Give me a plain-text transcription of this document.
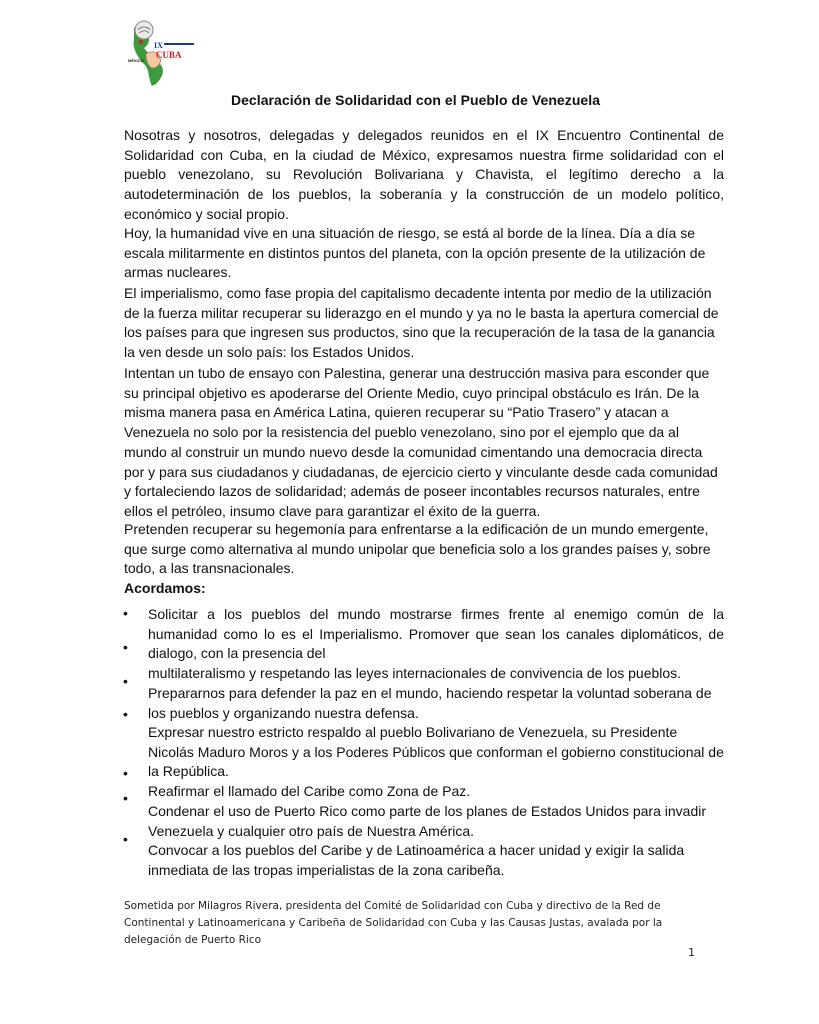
IX
CUBA
MÉXICO
Declaración de Solidaridad con el Pueblo de Venezuela

Nosotras y nosotros, delegadas y delegados reunidos en el IX Encuentro Continental de Solidaridad con Cuba, en la ciudad de México, expresamos nuestra firme solidaridad con el pueblo venezolano, su Revolución Bolivariana y Chavista, el legítimo derecho a la autodeterminación de los pueblos, la soberanía y la construcción de un modelo político, económico y social propio.

Hoy, la humanidad vive en una situación de riesgo, se está al borde de la línea. Día a día se escala militarmente en distintos puntos del planeta, con la opción presente de la utilización de armas nucleares.

El imperialismo, como fase propia del capitalismo decadente intenta por medio de la utilización de la fuerza militar recuperar su liderazgo en el mundo y ya no le basta la apertura comercial de los países para que ingresen sus productos, sino que la recuperación de la tasa de la ganancia la ven desde un solo país: los Estados Unidos.

Intentan un tubo de ensayo con Palestina, generar una destrucción masiva para esconder que su principal objetivo es apoderarse del Oriente Medio, cuyo principal obstáculo es Irán. De la misma manera pasa en América Latina, quieren recuperar su “Patio Trasero” y atacan a Venezuela no solo por la resistencia del pueblo venezolano, sino por el ejemplo que da al mundo al construir un mundo nuevo desde la comunidad cimentando una democracia directa por y para sus ciudadanos y ciudadanas, de ejercicio cierto y vinculante desde cada comunidad y fortaleciendo lazos de solidaridad; además de poseer incontables recursos naturales, entre ellos el petróleo, insumo clave para garantizar el éxito de la guerra.

Pretenden recuperar su hegemonía para enfrentarse a la edificación de un mundo emergente, que surge como alternativa al mundo unipolar que beneficia solo a los grandes países y, sobre todo, a las transnacionales.

Acordamos:
•
•
•
•
•
•
•

Solicitar a los pueblos del mundo mostrarse firmes frente al enemigo común de la humanidad como lo es el Imperialismo. Promover que sean los canales diplomáticos, de dialogo, con la presencia del

multilateralismo y respetando las leyes internacionales de convivencia de los pueblos.

Prepararnos para defender la paz en el mundo, haciendo respetar la voluntad soberana de los pueblos y organizando nuestra defensa.

Expresar nuestro estricto respaldo al pueblo Bolivariano de Venezuela, su Presidente Nicolás Maduro Moros y a los Poderes Públicos que conforman el gobierno constitucional de la República.

Reafirmar el llamado del Caribe como Zona de Paz.

Condenar el uso de Puerto Rico como parte de los planes de Estados Unidos para invadir Venezuela y cualquier otro país de Nuestra América.

Convocar a los pueblos del Caribe y de Latinoamérica a hacer unidad y exigir la salida inmediata de las tropas imperialistas de la zona caribeña.

Sometida por Milagros Rivera, presidenta del Comité de Solidaridad con Cuba y directivo de la Red de Continental y Latinoamericana y Caribeña de Solidaridad con Cuba y las Causas Justas, avalada por la delegación de Puerto Rico
1
